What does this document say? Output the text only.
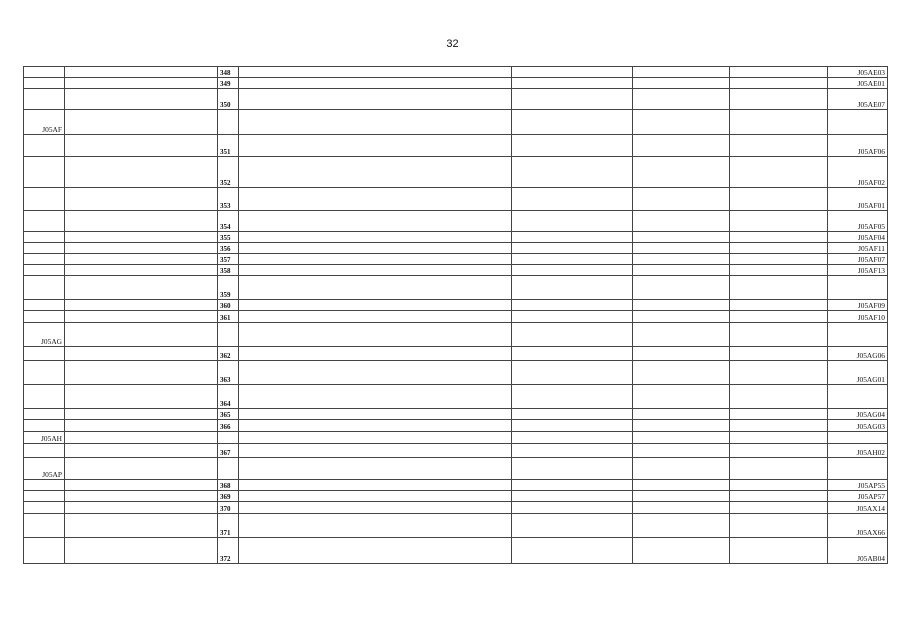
32
		348					J05AE03
		349					J05AE01
		350					J05AE07
J05AF							
		351					J05AF06
		352					J05AF02
		353					J05AF01
		354					J05AF05
		355					J05AF04
		356					J05AF11
		357					J05AF07
		358					J05AF13
		359					
		360					J05AF09
		361					J05AF10
J05AG							
		362					J05AG06
		363					J05AG01
		364					
		365					J05AG04
		366					J05AG03
J05AH							
		367					J05AH02
J05AP							
		368					J05AP55
		369					J05AP57
		370					J05AX14
		371					J05AX66
		372					J05AB04
